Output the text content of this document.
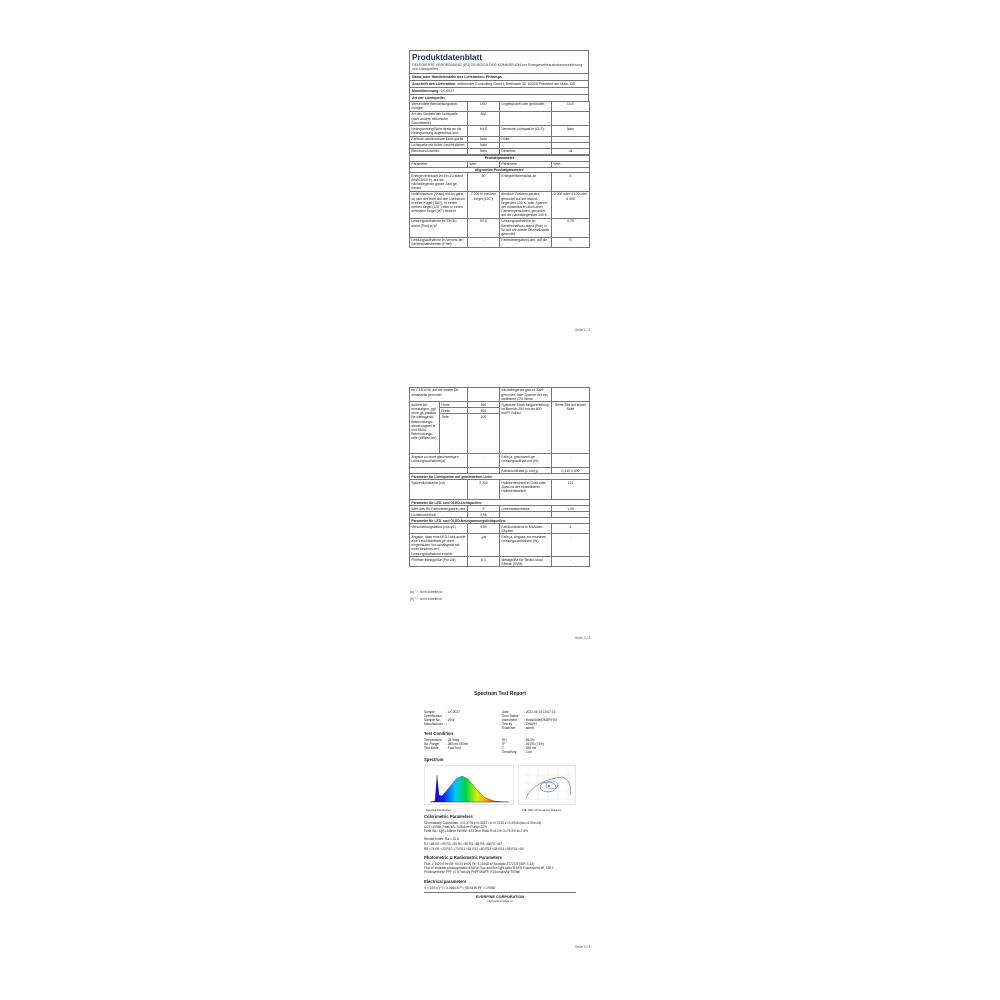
Produktdatenblatt
DELEGIERTE VERORDNUNG (EU) 2019/2015 DER KOMMISSION zur Energieverbrauchskennzeichnung von Lichtquellen
Name oder Handelsmarke des Lieferanten: Philamps
Anschrift des Lieferanten: elitemeder Consulting GmbH, Bettinastr 30, 60325 Frankfurt am Main, DE
Modellkennung: LK-0037
Art der Lichtquelle:
Verwendete Beleuchtungstech-nologie:	LED	Ungebündelt oder gebündelt:	DLS
Art des Sockels der Lichtquelle (oder andere elektrische Schnittstelle)	N/A		
Netzspannung/Nicht direkt an die Netzspannung angeschlos-sen:	MLS	Vernetzte Lichtquel-le (CLS):	Nein
Farbisch abstimmbare Licht-quelle:	Nein	Hülle:	-
Lichtquelle mit hoher Leucht-dichte:	Nein		
Blendschutzschild:	Nein	Dimmbar:	Ja
Produktparameter			
Parameter	Wert	Parameter	Wert
Allgemeine Produktparameter:			
Energieverbrauch im Ein-Zu-stand (kWh/1000 h), auf die nächstliegende ganze Zahl ge-rundet	60	Energieeffizienzklas-se	G
Nutzlichtstrom (Φuse) mit An-gabe, ob sich der Wert auf den Lichtstrom in einer Kugel (360°), in einem breiten Kegel (120°) oder in einem schmalen Kegel (90°) bezieht	7 200 in brei-tem Kegel (120°)	ähnliche Farbtem-peratur, gerundet auf die nächst-liegenden 100 K, oder Spanne der einstellbaren ähnli-chen Farbtempera-turen, gerundet auf die nächstliegenden 100 K	3 000 oder 4 100 oder 6 500
Leistungsaufnahme im Ein-Zu-stand (Pon) in W	60.0	Leistungsaufnahme im Bereitschaftszu-stand (Psb) in W, auf die zweite Dezimal-stelle gerundet	0,70
Leistungsaufnahme im vernetz-ten Bereitschaftsbetrieb (Pnet)	-	Farbwiedergabein-dex, auf die	70
Seite 1 / 3
für CLS in W, auf die zweite De-zimalstelle gerundet			nächstliegende gan-ze Zahl gerundet, oder Spanne der ein-stellbaren CRI-Werte	
äußere Ab-messungen, ggf. ohne ge-parates Be-triebsgerät, Beleuchtungs-steuerungstei-le und Nicht-Beleuchtungs-teile (Millime-ter)	Höhe	650	Spektrale Strah-lungsverteilung im Bereich 250 nm bis 800 nm/Fl Vollast	Siehe Bild auf letzter Seite
	Breite	650		
	Tiefe	100		
Angabe zu einer gleichwertigen Leistungsaufnahme(a)		-	Falls ja, gleichwerti-ge Leistungsaufnah-me (W)	-
			Farbkoordinate (x und y)	0,430 0,400
Parameter für Lichtquellen mit gebündeltem Licht:				
Spitzenlichtstärke (cd)		2 200	Halbwertswinkel in Grad oder Span-ne der einstellbaren Halbwertswinkel	110
Parameter für LED- und OLED-Lichtquellen:				
Wert des R9-Farbwiedergabein-dex		9	Lebensdauerfaktor	1,00
Lichtstromerhalt		0,96		
Parameter für LED- und OLED-Netzspannungslichtquellen:				
Verschiebungsfaktor (cos φ1)		0,50	Farbkonsistenz in McAdam-Ellipsen	5
Angabe, dass eine LED-Licht-quelle eine Leuchtstofflam-pe ohne eingebauten Vor-schaltgerät mit einer bestimm-ten Leistungsaufnahme ersetzt.		-(a)	Falls ja, Angabe zur ersetzten Leistungs-aufnahme (W)	-
Flimmer-Messgröße (Pst LM)		0,4	Messgröße für Strobo-skop-Effekte (SVM)	-
(a) "-": nicht zutreffend;
(b) "-": nicht zutreffend;
Seite 2 / 3
Spectrum Test Report
Sample	: LK-0037
Specification :
Sample No. : 20W
Manufacturer :
Date	: 2022-05-19 10:07:13
Sum Status :
Instrument : HaasSuite(DM3P/HS)
Test by	: ZHAPH
Examiner	: admin
Test Condition
Temperature : 25.9deg
WL Range : 380nm-780nm
Test Mode : Fast Test
RH	: 65.0%
IP	: 46490 (74%)
T	: 256 ms
Sensitivity : Low
Spectrum
Spectral Distribution	CIE 1931 Chromaticity Diagram
Colorimetric Parameters
Chromaticity Coordinate: x=0.3776 y=0.3657 / u'=0.2245 v'=0.4945 (duv=3.50e-03)
CCT=4095K Peak WL: 548.6nm Purity=22%
Peak WL: 1(p)=448nm FWHM: 423.0nm Ratio:R=8.1% G=79.3% B=7.6%
Render Index: Ra = 81.8
R1 =86 R2 =90 R3 =99 R4 =80 R5 =85 R6 =86 R7 =87
R8 =75 R9 =23 R10 =73 R11 =81 R12 =80 R13 =85 R14 =98 R15 =80
Photometric & Radiometric Parameters
Flux: 4 3020.0 lm Eff: 90.20 lm/W Fe: 4.11548 W Scotopic:37723.5 (S/P: 1.23)
Flux of smallest photosynthetic:6.08 W Flux and flux light ratio: 8.93% Fluorescent eff: 135.1
Photosynthetic PPF 47.07umol/s PhPF/WATT: 0.22umol/s/W 700nm
Electrical parameters
V = 220.0 V I = 0.2660 A P = 58.63 W PF = 0.9980
EVERFINE CORPORATION
http://www.everfine.cn
Seite 3 / 3
